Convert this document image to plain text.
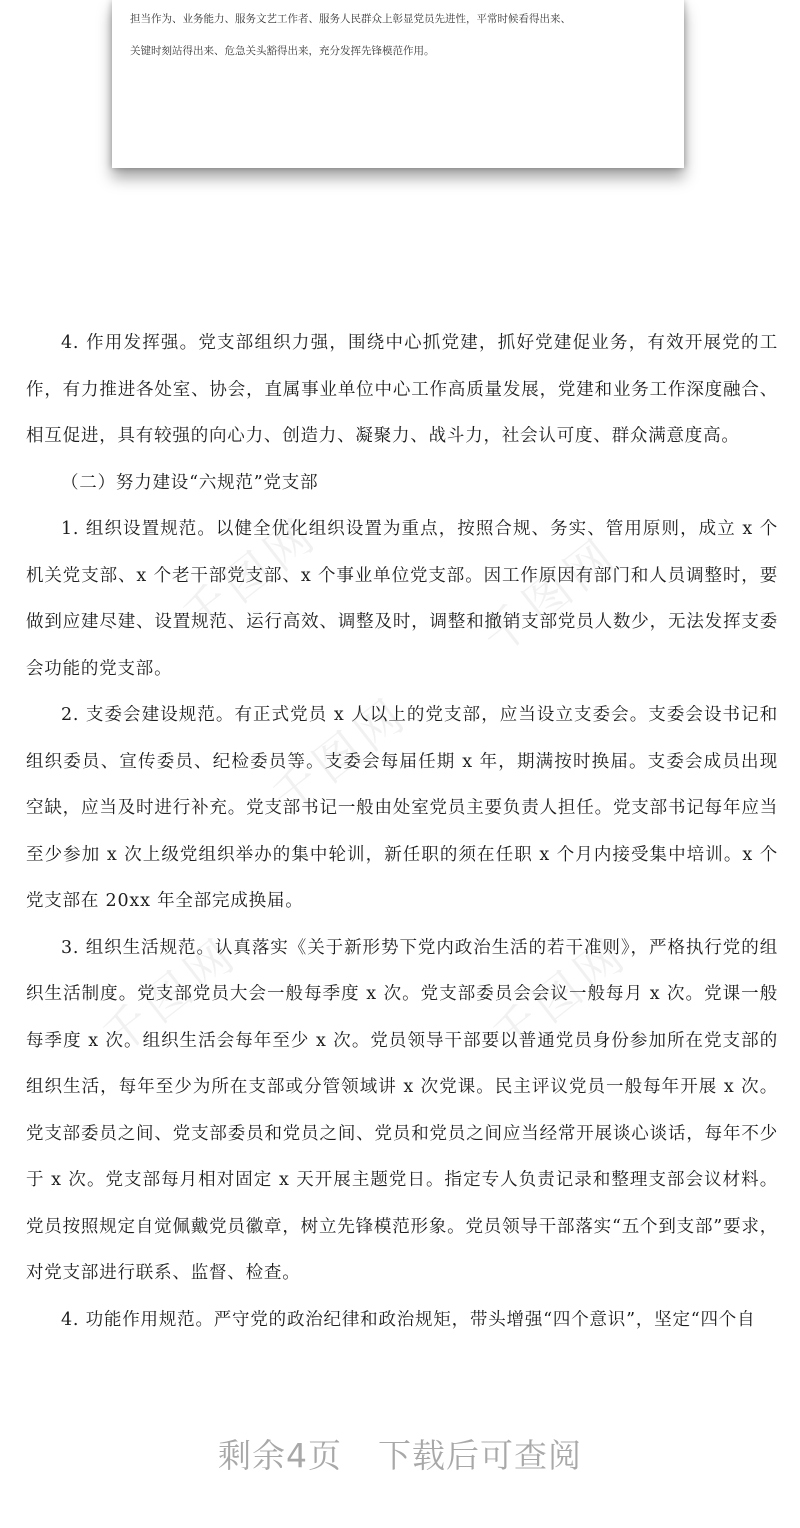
担当作为、业务能力、服务文艺工作者、服务人民群众上彰显党员先进性，平常时候看得出来、

关键时刻站得出来、危急关头豁得出来，充分发挥先锋模范作用。

千图网	千图网
千图网
千图网	千图网

4. 作用发挥强。党支部组织力强，围绕中心抓党建，抓好党建促业务，有效开展党的工作，有力推进各处室、协会，直属事业单位中心工作高质量发展，党建和业务工作深度融合、相互促进，具有较强的向心力、创造力、凝聚力、战斗力，社会认可度、群众满意度高。

（二）努力建设“六规范”党支部

1. 组织设置规范。以健全优化组织设置为重点，按照合规、务实、管用原则，成立 x 个机关党支部、x 个老干部党支部、x 个事业单位党支部。因工作原因有部门和人员调整时，要做到应建尽建、设置规范、运行高效、调整及时，调整和撤销支部党员人数少，无法发挥支委会功能的党支部。

2. 支委会建设规范。有正式党员 x 人以上的党支部，应当设立支委会。支委会设书记和组织委员、宣传委员、纪检委员等。支委会每届任期 x 年，期满按时换届。支委会成员出现空缺，应当及时进行补充。党支部书记一般由处室党员主要负责人担任。党支部书记每年应当至少参加 x 次上级党组织举办的集中轮训，新任职的须在任职 x 个月内接受集中培训。x 个党支部在 20xx 年全部完成换届。

3. 组织生活规范。认真落实《关于新形势下党内政治生活的若干准则》，严格执行党的组织生活制度。党支部党员大会一般每季度 x 次。党支部委员会会议一般每月 x 次。党课一般每季度 x 次。组织生活会每年至少 x 次。党员领导干部要以普通党员身份参加所在党支部的组织生活，每年至少为所在支部或分管领域讲 x 次党课。民主评议党员一般每年开展 x 次。党支部委员之间、党支部委员和党员之间、党员和党员之间应当经常开展谈心谈话，每年不少于 x 次。党支部每月相对固定 x 天开展主题党日。指定专人负责记录和整理支部会议材料。党员按照规定自觉佩戴党员徽章，树立先锋模范形象。党员领导干部落实“五个到支部”要求，对党支部进行联系、监督、检查。

4. 功能作用规范。严守党的政治纪律和政治规矩，带头增强“四个意识”，坚定“四个自

剩余4页 下载后可查阅
